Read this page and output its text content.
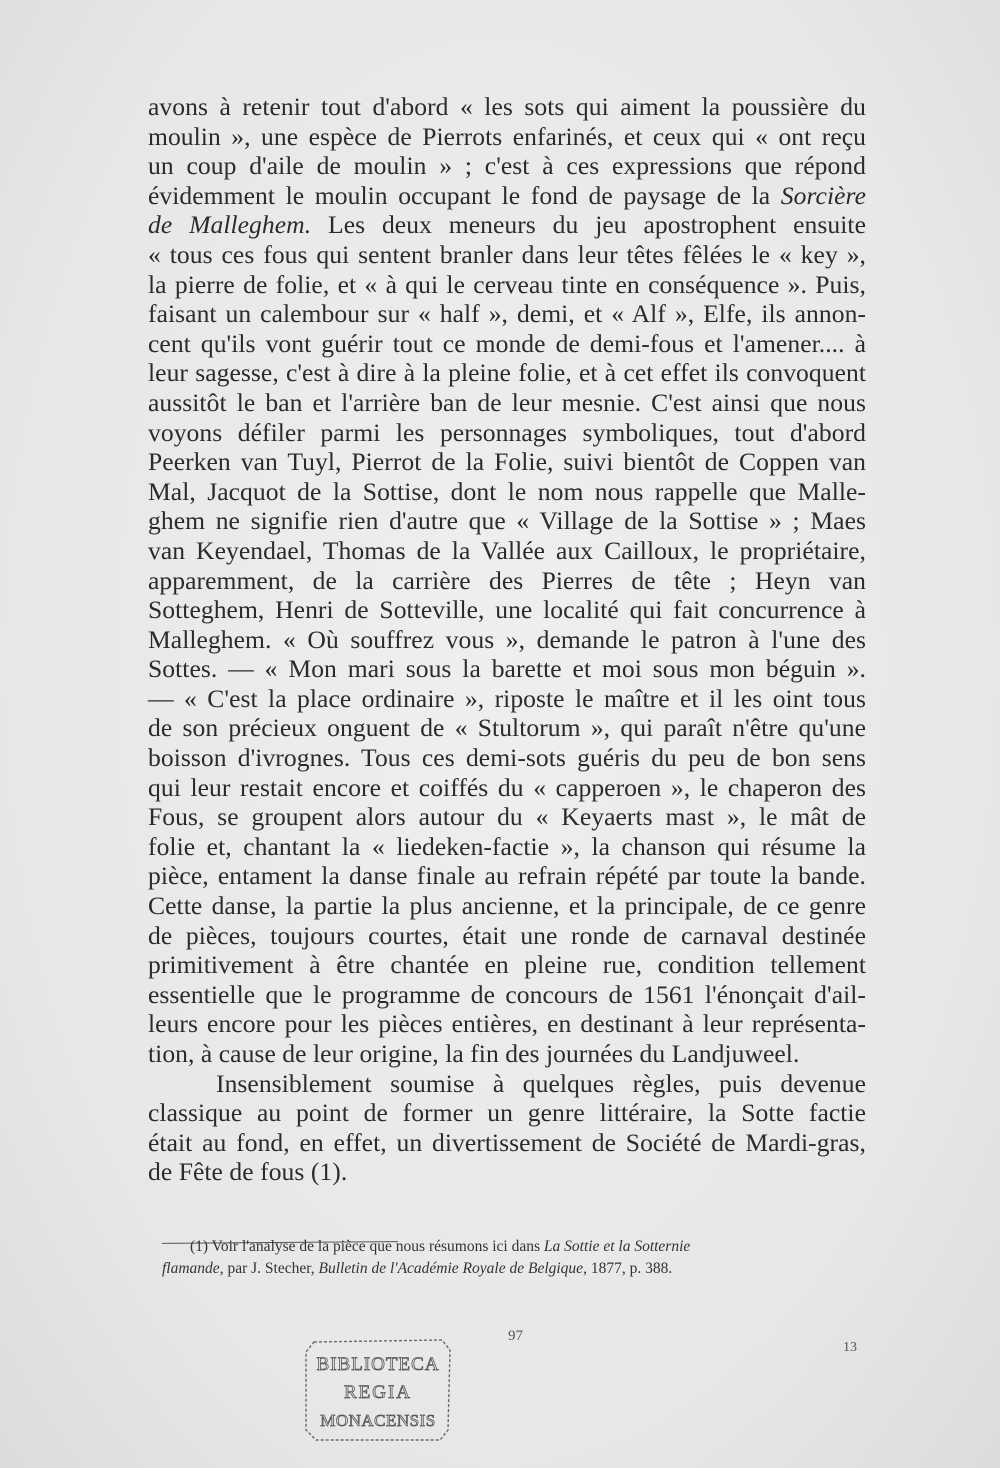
avons à retenir tout d'abord « les sots qui aiment la poussière du
moulin », une espèce de Pierrots enfarinés, et ceux qui « ont reçu
un coup d'aile de moulin » ; c'est à ces expressions que répond
évidemment le moulin occupant le fond de paysage de la Sorcière
de Malleghem. Les deux meneurs du jeu apostrophent ensuite
« tous ces fous qui sentent branler dans leur têtes fêlées le « key »,
la pierre de folie, et « à qui le cerveau tinte en conséquence ». Puis,
faisant un calembour sur « half », demi, et « Alf », Elfe, ils annon-
cent qu'ils vont guérir tout ce monde de demi-fous et l'amener.... à
leur sagesse, c'est à dire à la pleine folie, et à cet effet ils convoquent
aussitôt le ban et l'arrière ban de leur mesnie. C'est ainsi que nous
voyons défiler parmi les personnages symboliques, tout d'abord
Peerken van Tuyl, Pierrot de la Folie, suivi bientôt de Coppen van
Mal, Jacquot de la Sottise, dont le nom nous rappelle que Malle-
ghem ne signifie rien d'autre que « Village de la Sottise » ; Maes
van Keyendael, Thomas de la Vallée aux Cailloux, le propriétaire,
apparemment, de la carrière des Pierres de tête ; Heyn van
Sotteghem, Henri de Sotteville, une localité qui fait concurrence à
Malleghem. « Où souffrez vous », demande le patron à l'une des
Sottes. — « Mon mari sous la barette et moi sous mon béguin ».
— « C'est la place ordinaire », riposte le maître et il les oint tous
de son précieux onguent de « Stultorum », qui paraît n'être qu'une
boisson d'ivrognes. Tous ces demi-sots guéris du peu de bon sens
qui leur restait encore et coiffés du « capperoen », le chaperon des
Fous, se groupent alors autour du « Keyaerts mast », le mât de
folie et, chantant la « liedeken-factie », la chanson qui résume la
pièce, entament la danse finale au refrain répété par toute la bande.
Cette danse, la partie la plus ancienne, et la principale, de ce genre
de pièces, toujours courtes, était une ronde de carnaval destinée
primitivement à être chantée en pleine rue, condition tellement
essentielle que le programme de concours de 1561 l'énonçait d'ail-
leurs encore pour les pièces entières, en destinant à leur représenta-
tion, à cause de leur origine, la fin des journées du Landjuweel.
Insensiblement soumise à quelques règles, puis devenue
classique au point de former un genre littéraire, la Sotte factie
était au fond, en effet, un divertissement de Société de Mardi-gras,
de Fête de fous (1).
(1) Voir l'analyse de la pièce que nous résumons ici dans La Sottie et la Sotternie
flamande, par J. Stecher, Bulletin de l'Académie Royale de Belgique, 1877, p. 388.
97
13
BIBLIOTECA
REGIA
MONACENSIS
